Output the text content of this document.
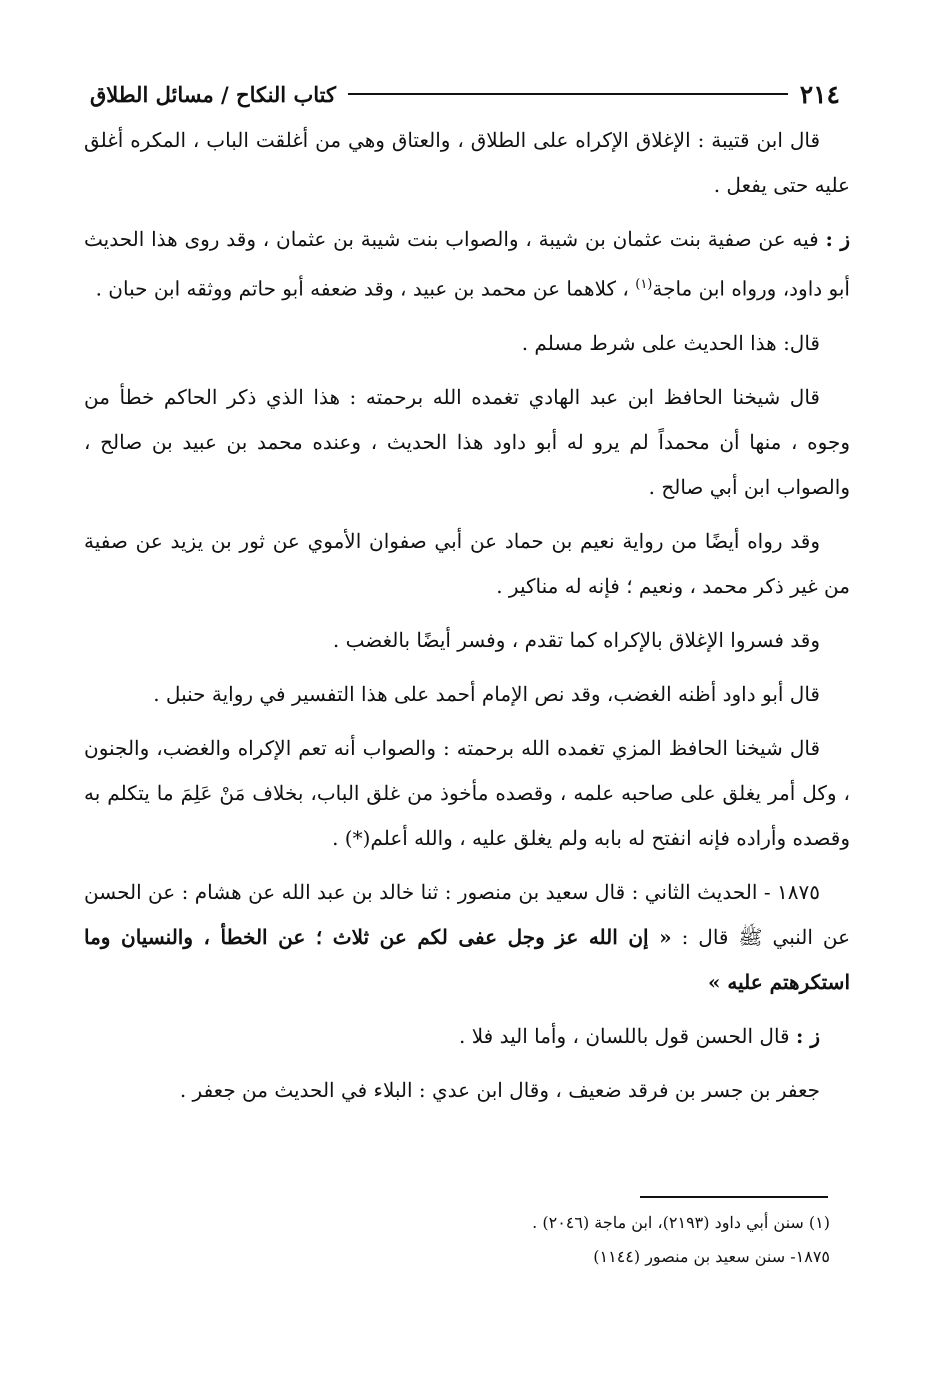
٢١٤
كتاب النكاح / مسائل الطلاق

قال ابن قتيبة : الإغلاق الإكراه على الطلاق ، والعتاق وهي من أغلقت الباب ، المكره أغلق عليه حتى يفعل .

ز : فيه عن صفية بنت عثمان بن شيبة ، والصواب بنت شيبة بن عثمان ، وقد روى هذا الحديث أبو داود، ورواه ابن ماجة$^{(١)}$ ، كلاهما عن محمد بن عبيد ، وقد ضعفه أبو حاتم ووثقه ابن حبان .

قال: هذا الحديث على شرط مسلم .

قال شيخنا الحافظ ابن عبد الهادي تغمده الله برحمته : هذا الذي ذكر الحاكم خطأ من وجوه ، منها أن محمداً لم يرو له أبو داود هذا الحديث ، وعنده محمد بن عبيد بن صالح ، والصواب ابن أبي صالح .

وقد رواه أيضًا من رواية نعيم بن حماد عن أبي صفوان الأموي عن ثور بن يزيد عن صفية من غير ذكر محمد ، ونعيم ؛ فإنه له مناكير .

وقد فسروا الإغلاق بالإكراه كما تقدم ، وفسر أيضًا بالغضب .

قال أبو داود أظنه الغضب، وقد نص الإمام أحمد على هذا التفسير في رواية حنبل .

قال شيخنا الحافظ المزي تغمده الله برحمته : والصواب أنه تعم الإكراه والغضب، والجنون ، وكل أمر يغلق على صاحبه علمه ، وقصده مأخوذ من غلق الباب، بخلاف مَنْ عَلِمَ ما يتكلم به وقصده وأراده فإنه انفتح له بابه ولم يغلق عليه ، والله أعلم(*) .

١٨٧٥ - الحديث الثاني : قال سعيد بن منصور : ثنا خالد بن عبد الله عن هشام : عن الحسن عن النبي ﷺ قال : « إن الله عز وجل عفى لكم عن ثلاث ؛ عن الخطأ ، والنسيان وما استكرهتم عليه »

ز : قال الحسن قول باللسان ، وأما اليد فلا .

جعفر بن جسر بن فرقد ضعيف ، وقال ابن عدي : البلاء في الحديث من جعفر .

(١) سنن أبي داود (٢١٩٣)، ابن ماجة (٢٠٤٦) .
١٨٧٥- سنن سعيد بن منصور (١١٤٤)
